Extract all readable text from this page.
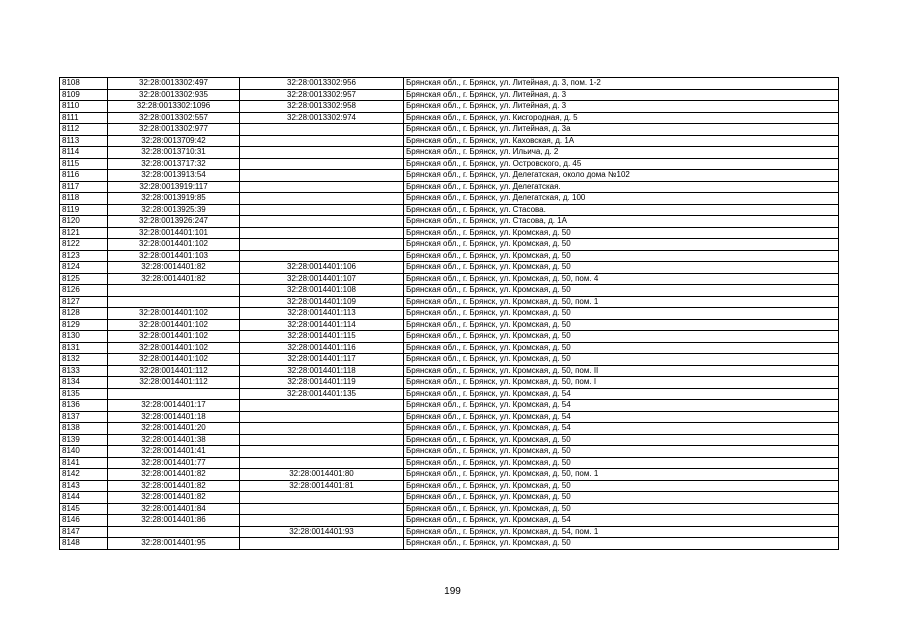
8108	32:28:0013302:497	32:28:0013302:956	Брянская обл., г. Брянск, ул. Литейная, д. 3, пом. 1-2
8109	32:28:0013302:935	32:28:0013302:957	Брянская обл., г. Брянск, ул. Литейная, д. 3
8110	32:28:0013302:1096	32:28:0013302:958	Брянская обл., г. Брянск, ул. Литейная, д. 3
8111	32:28:0013302:557	32:28:0013302:974	Брянская обл., г. Брянск, ул. Кисгородная, д. 5
8112	32:28:0013302:977		Брянская обл., г. Брянск, ул. Литейная, д. 3а
8113	32:28:0013709:42		Брянская обл., г. Брянск, ул. Каховская, д. 1А
8114	32:28:0013710:31		Брянская обл., г. Брянск, ул. Ильича, д. 2
8115	32:28:0013717:32		Брянская обл., г. Брянск, ул. Островского, д. 45
8116	32:28:0013913:54		Брянская обл., г. Брянск, ул. Делегатская, около дома №102
8117	32:28:0013919:117		Брянская обл., г. Брянск, ул. Делегатская.
8118	32:28:0013919:85		Брянская обл., г. Брянск, ул. Делегатская, д. 100
8119	32:28:0013925:39		Брянская обл., г. Брянск, ул. Стасова.
8120	32:28:0013926:247		Брянская обл., г. Брянск, ул. Стасова, д. 1А
8121	32:28:0014401:101		Брянская обл., г. Брянск, ул. Кромская, д. 50
8122	32:28:0014401:102		Брянская обл., г. Брянск, ул. Кромская, д. 50
8123	32:28:0014401:103		Брянская обл., г. Брянск, ул. Кромская, д. 50
8124	32:28:0014401:82	32:28:0014401:106	Брянская обл., г. Брянск, ул. Кромская, д. 50
8125	32:28:0014401:82	32:28:0014401:107	Брянская обл., г. Брянск, ул. Кромская, д. 50, пом. 4
8126		32:28:0014401:108	Брянская обл., г. Брянск, ул. Кромская, д. 50
8127		32:28:0014401:109	Брянская обл., г. Брянск, ул. Кромская, д. 50, пом. 1
8128	32:28:0014401:102	32:28:0014401:113	Брянская обл., г. Брянск, ул. Кромская, д. 50
8129	32:28:0014401:102	32:28:0014401:114	Брянская обл., г. Брянск, ул. Кромская, д. 50
8130	32:28:0014401:102	32:28:0014401:115	Брянская обл., г. Брянск, ул. Кромская, д. 50
8131	32:28:0014401:102	32:28:0014401:116	Брянская обл., г. Брянск, ул. Кромская, д. 50
8132	32:28:0014401:102	32:28:0014401:117	Брянская обл., г. Брянск, ул. Кромская, д. 50
8133	32:28:0014401:112	32:28:0014401:118	Брянская обл., г. Брянск, ул. Кромская, д. 50, пом. II
8134	32:28:0014401:112	32:28:0014401:119	Брянская обл., г. Брянск, ул. Кромская, д. 50, пом. I
8135		32:28:0014401:135	Брянская обл., г. Брянск, ул. Кромская, д. 54
8136	32:28:0014401:17		Брянская обл., г. Брянск, ул. Кромская, д. 54
8137	32:28:0014401:18		Брянская обл., г. Брянск, ул. Кромская, д. 54
8138	32:28:0014401:20		Брянская обл., г. Брянск, ул. Кромская, д. 54
8139	32:28:0014401:38		Брянская обл., г. Брянск, ул. Кромская, д. 50
8140	32:28:0014401:41		Брянская обл., г. Брянск, ул. Кромская, д. 50
8141	32:28:0014401:77		Брянская обл., г. Брянск, ул. Кромская, д. 50
8142	32:28:0014401:82	32:28:0014401:80	Брянская обл., г. Брянск, ул. Кромская, д. 50, пом. 1
8143	32:28:0014401:82	32:28:0014401:81	Брянская обл., г. Брянск, ул. Кромская, д. 50
8144	32:28:0014401:82		Брянская обл., г. Брянск, ул. Кромская, д. 50
8145	32:28:0014401:84		Брянская обл., г. Брянск, ул. Кромская, д. 50
8146	32:28:0014401:86		Брянская обл., г. Брянск, ул. Кромская, д. 54
8147		32:28:0014401:93	Брянская обл., г. Брянск, ул. Кромская, д. 54, пом. 1
8148	32:28:0014401:95		Брянская обл., г. Брянск, ул. Кромская, д. 50
199
